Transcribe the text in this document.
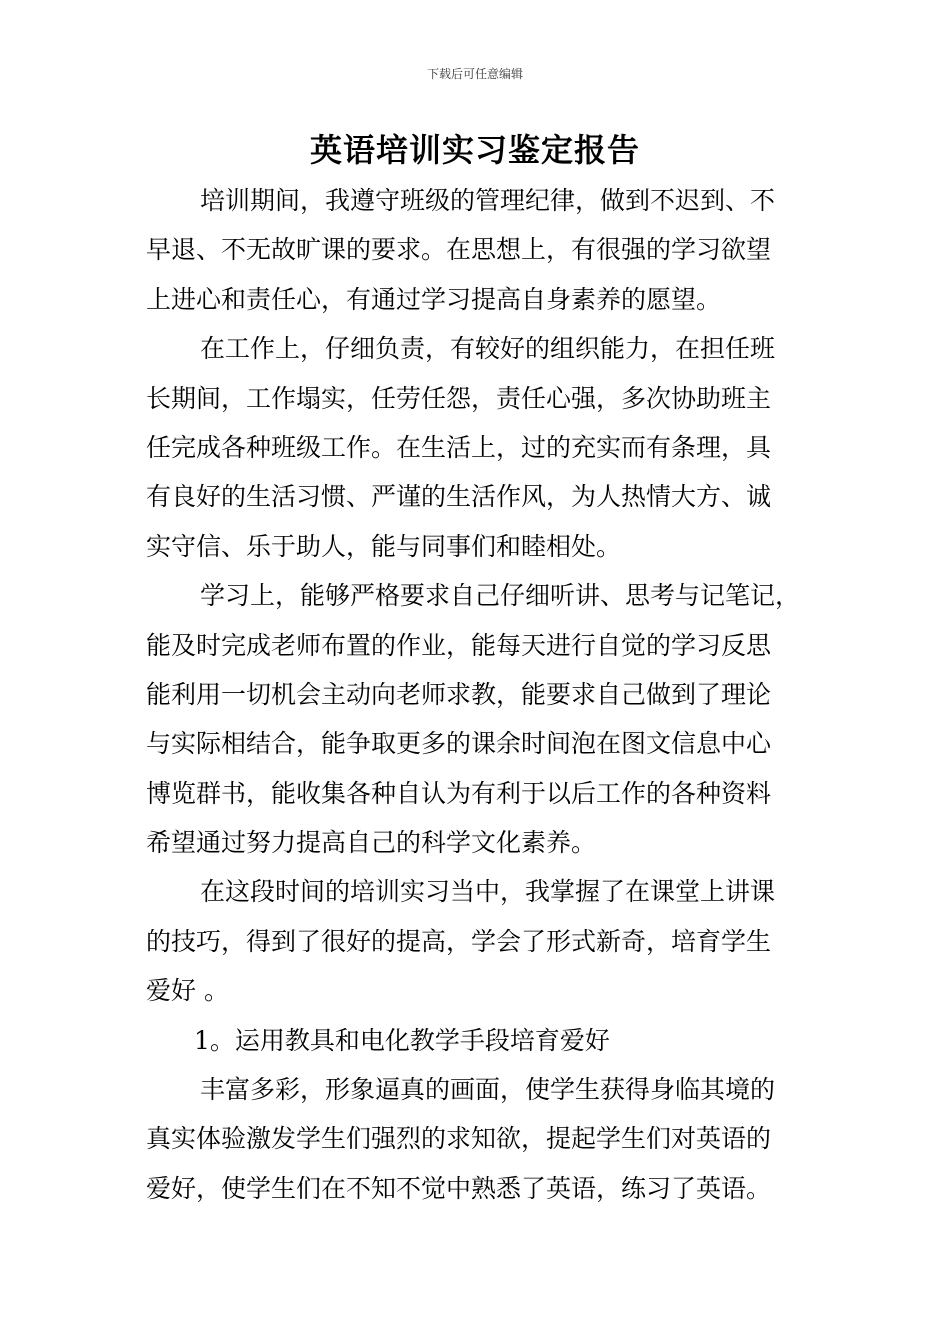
下载后可任意编辑
英语培训实习鉴定报告
培训期间，我遵守班级的管理纪律，做到不迟到、不
早退、不无故旷课的要求。在思想上，有很强的学习欲望
上进心和责任心，有通过学习提高自身素养的愿望。
在工作上，仔细负责，有较好的组织能力，在担任班
长期间，工作塌实，任劳任怨，责任心强，多次协助班主
任完成各种班级工作。在生活上，过的充实而有条理，具
有良好的生活习惯、严谨的生活作风，为人热情大方、诚
实守信、乐于助人，能与同事们和睦相处。
学习上，能够严格要求自己仔细听讲、思考与记笔记，
能及时完成老师布置的作业，能每天进行自觉的学习反思
能利用一切机会主动向老师求教，能要求自己做到了理论
与实际相结合，能争取更多的课余时间泡在图文信息中心
博览群书，能收集各种自认为有利于以后工作的各种资料
希望通过努力提高自己的科学文化素养。
在这段时间的培训实习当中，我掌握了在课堂上讲课
的技巧，得到了很好的提高，学会了形式新奇，培育学生
爱好 。
1。运用教具和电化教学手段培育爱好
丰富多彩，形象逼真的画面，使学生获得身临其境的
真实体验激发学生们强烈的求知欲，提起学生们对英语的
爱好，使学生们在不知不觉中熟悉了英语，练习了英语。
